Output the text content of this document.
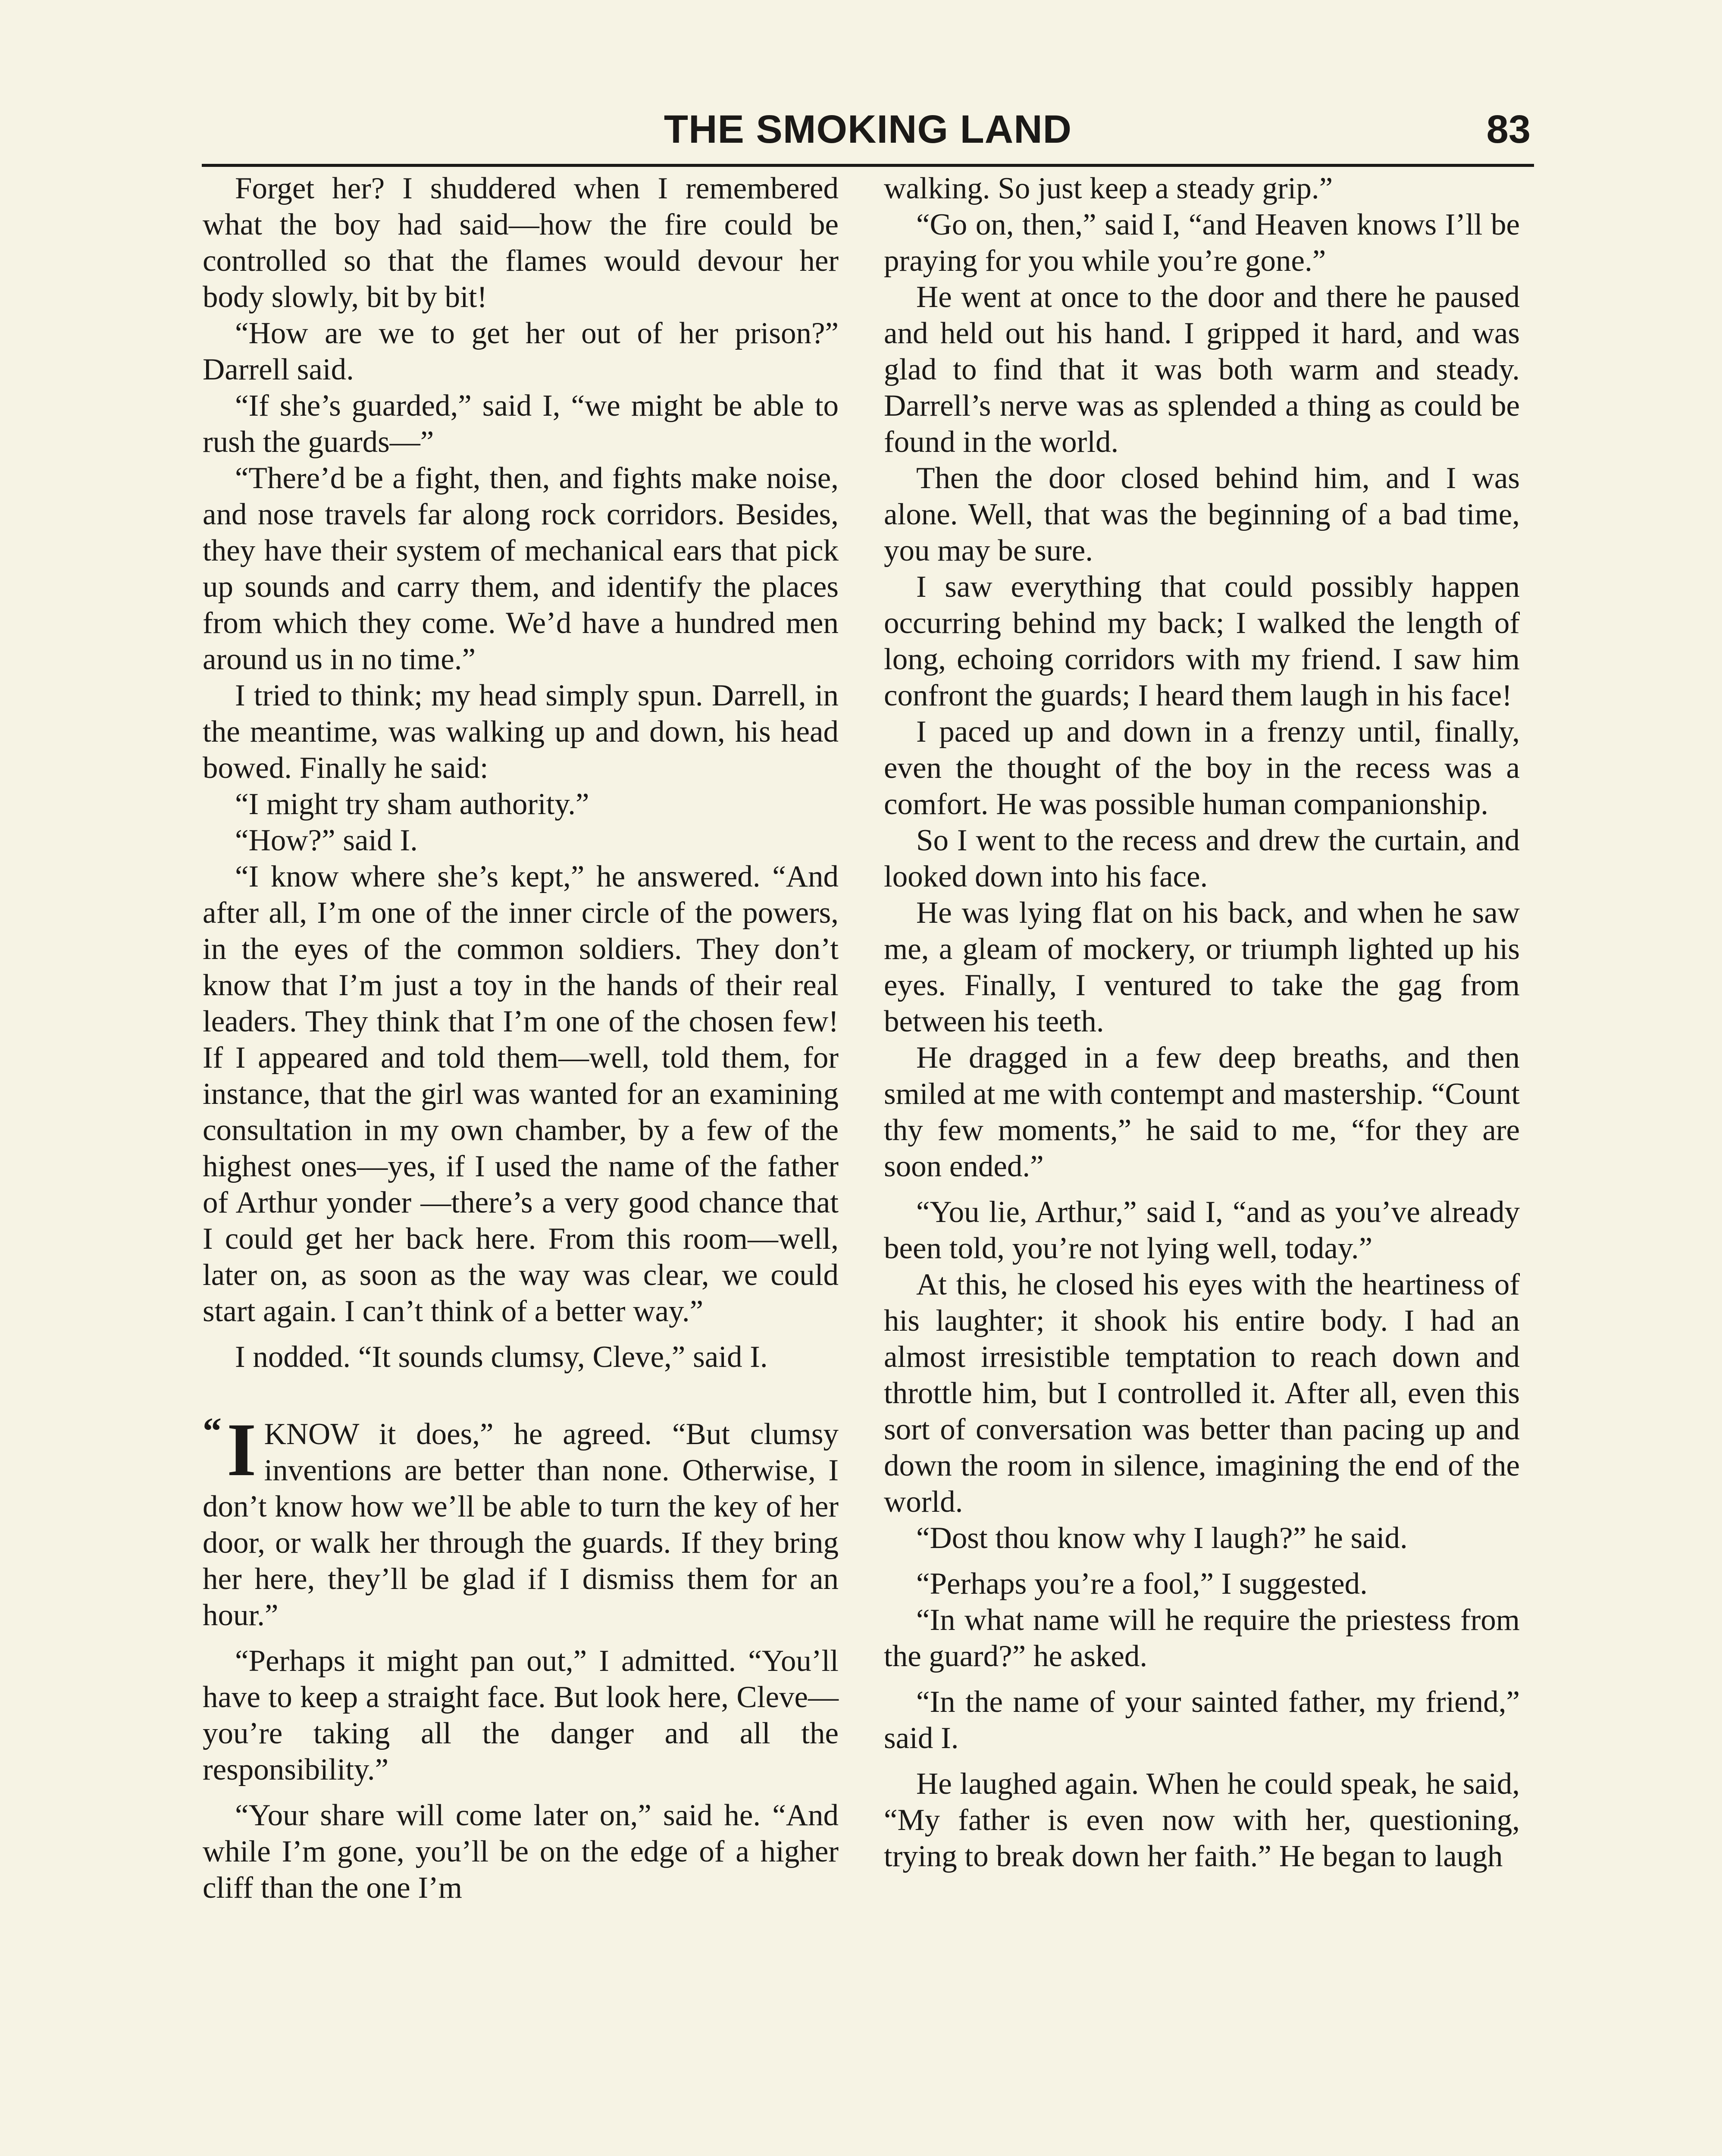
THE SMOKING LAND	83

Forget her? I shuddered when I remembered what the boy had said—how the fire could be controlled so that the flames would devour her body slowly, bit by bit!

“How are we to get her out of her prison?” Darrell said.

“If she’s guarded,” said I, “we might be able to rush the guards—”

“There’d be a fight, then, and fights make noise, and nose travels far along rock corridors. Besides, they have their system of mechanical ears that pick up sounds and carry them, and identify the places from which they come. We’d have a hundred men around us in no time.”

I tried to think; my head simply spun. Darrell, in the meantime, was walking up and down, his head bowed. Finally he said:

“I might try sham authority.”

“How?” said I.

“I know where she’s kept,” he answered. “And after all, I’m one of the inner circle of the powers, in the eyes of the common soldiers. They don’t know that I’m just a toy in the hands of their real leaders. They think that I’m one of the chosen few! If I appeared and told them—well, told them, for instance, that the girl was wanted for an examining consultation in my own chamber, by a few of the highest ones—yes, if I used the name of the father of Arthur yonder —there’s a very good chance that I could get her back here. From this room—well, later on, as soon as the way was clear, we could start again. I can’t think of a better way.”

I nodded. “It sounds clumsy, Cleve,” said I.

“ I KNOW it does,” he agreed. “But clumsy inventions are better than none. Otherwise, I don’t know how we’ll be able to turn the key of her door, or walk her through the guards. If they bring her here, they’ll be glad if I dismiss them for an hour.”

“Perhaps it might pan out,” I admitted. “You’ll have to keep a straight face. But look here, Cleve—you’re taking all the danger and all the responsibility.”

“Your share will come later on,” said he. “And while I’m gone, you’ll be on the edge of a higher cliff than the one I’m

walking. So just keep a steady grip.”

“Go on, then,” said I, “and Heaven knows I’ll be praying for you while you’re gone.”

He went at once to the door and there he paused and held out his hand. I gripped it hard, and was glad to find that it was both warm and steady. Darrell’s nerve was as splended a thing as could be found in the world.

Then the door closed behind him, and I was alone. Well, that was the beginning of a bad time, you may be sure.

I saw everything that could possibly happen occurring behind my back; I walked the length of long, echoing corridors with my friend. I saw him confront the guards; I heard them laugh in his face!

I paced up and down in a frenzy until, finally, even the thought of the boy in the recess was a comfort. He was possible human companionship.

So I went to the recess and drew the curtain, and looked down into his face.

He was lying flat on his back, and when he saw me, a gleam of mockery, or triumph lighted up his eyes. Finally, I ventured to take the gag from between his teeth.

He dragged in a few deep breaths, and then smiled at me with contempt and mastership. “Count thy few moments,” he said to me, “for they are soon ended.”

“You lie, Arthur,” said I, “and as you’ve already been told, you’re not lying well, today.”

At this, he closed his eyes with the heartiness of his laughter; it shook his entire body. I had an almost irresistible temptation to reach down and throttle him, but I controlled it. After all, even this sort of conversation was better than pacing up and down the room in silence, imagining the end of the world.

“Dost thou know why I laugh?” he said.

“Perhaps you’re a fool,” I suggested.

“In what name will he require the priestess from the guard?” he asked.

“In the name of your sainted father, my friend,” said I.

He laughed again. When he could speak, he said, “My father is even now with her, questioning, trying to break down her faith.” He began to laugh
